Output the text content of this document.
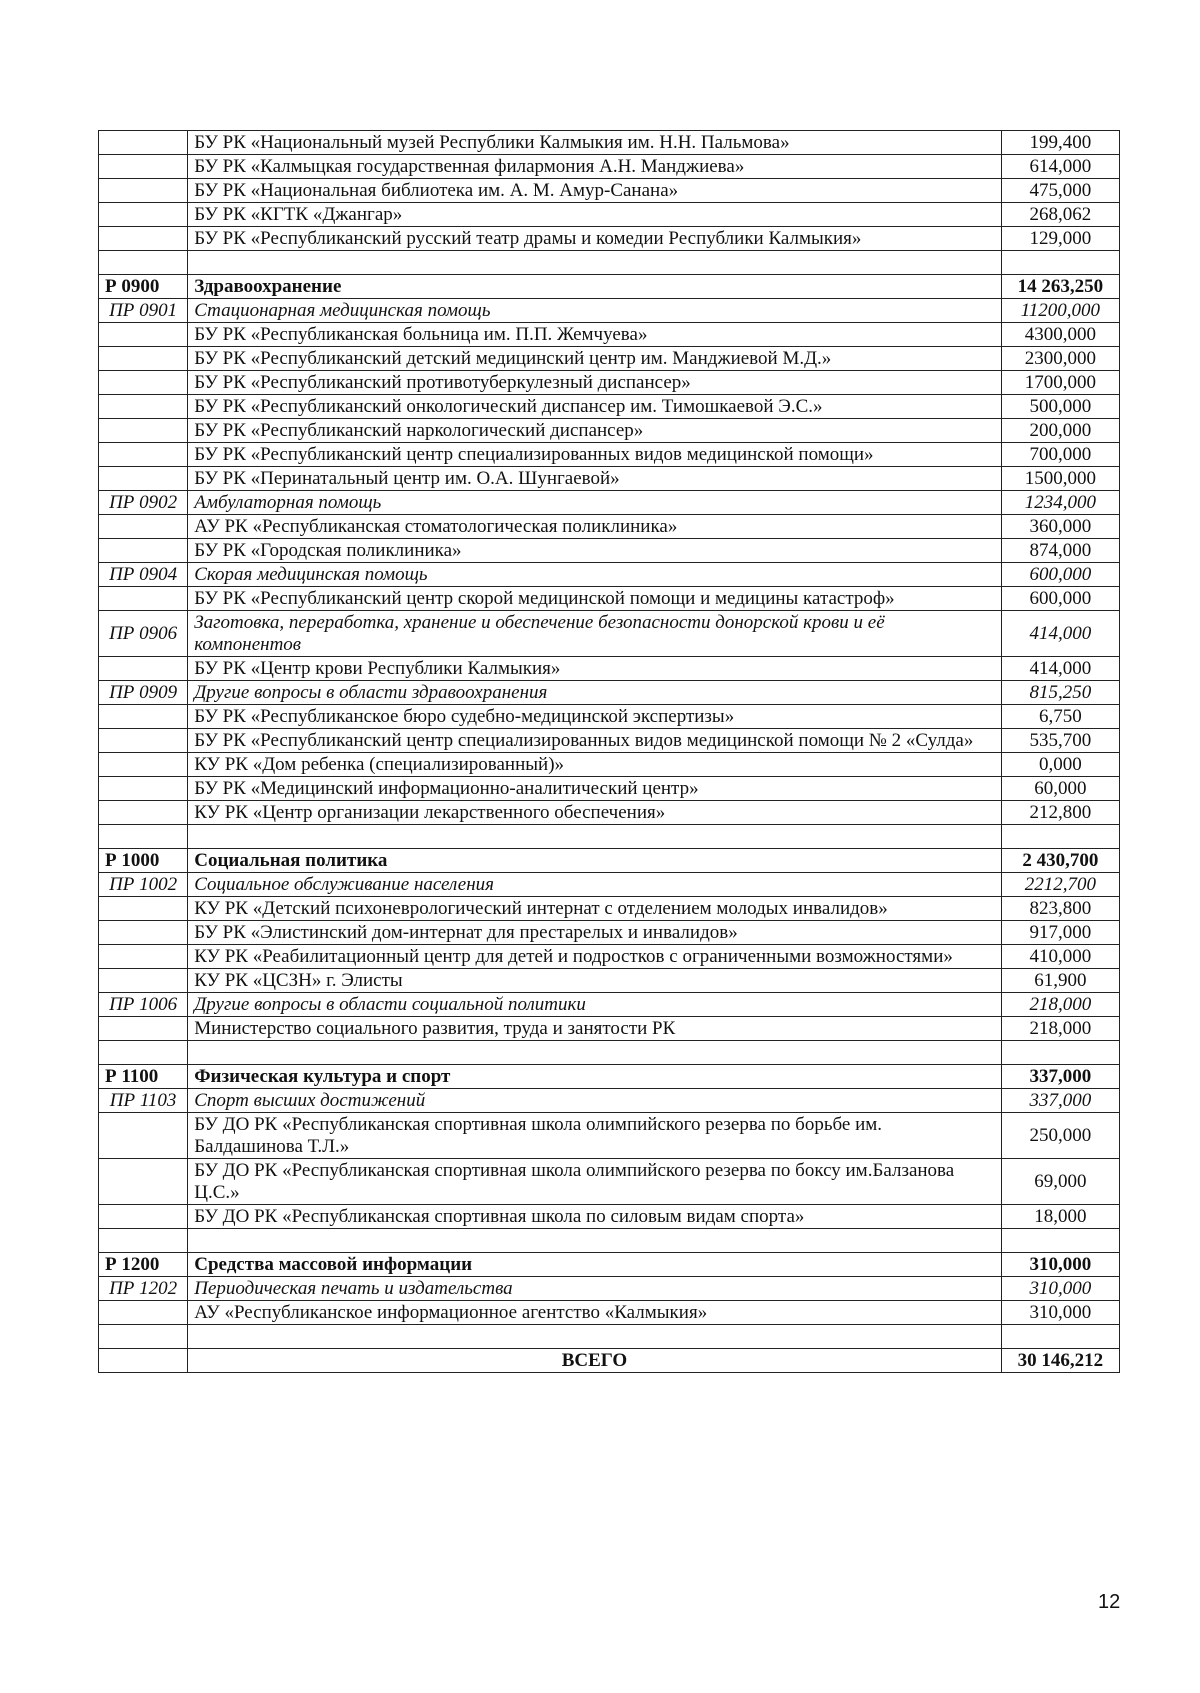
	БУ РК «Национальный музей Республики Калмыкия им. Н.Н. Пальмова»	199,400
	БУ РК «Калмыцкая государственная филармония А.Н. Манджиева»	614,000
	БУ РК «Национальная библиотека им. А. М. Амур-Санана»	475,000
	БУ РК «КГТК «Джангар»	268,062
	БУ РК «Республиканский русский театр драмы и комедии Республики Калмыкия»	129,000

Р 0900	Здравоохранение	14 263,250
ПР 0901	Стационарная медицинская помощь	11200,000
	БУ РК «Республиканская больница им. П.П. Жемчуева»	4300,000
	БУ РК «Республиканский детский медицинский центр им. Манджиевой М.Д.»	2300,000
	БУ РК «Республиканский противотуберкулезный диспансер»	1700,000
	БУ РК «Республиканский онкологический диспансер им. Тимошкаевой Э.С.»	500,000
	БУ РК «Республиканский наркологический диспансер»	200,000
	БУ РК «Республиканский центр специализированных видов медицинской помощи»	700,000
	БУ РК «Перинатальный центр им. О.А. Шунгаевой»	1500,000
ПР 0902	Амбулаторная помощь	1234,000
	АУ РК «Республиканская стоматологическая поликлиника»	360,000
	БУ РК «Городская поликлиника»	874,000
ПР 0904	Скорая медицинская помощь	600,000
	БУ РК «Республиканский центр скорой медицинской помощи и медицины катастроф»	600,000
ПР 0906	Заготовка, переработка, хранение и обеспечение безопасности донорской крови и её компонентов	414,000
	БУ РК «Центр крови Республики Калмыкия»	414,000
ПР 0909	Другие вопросы в области здравоохранения	815,250
	БУ РК «Республиканское бюро судебно-медицинской экспертизы»	6,750
	БУ РК «Республиканский центр специализированных видов медицинской помощи № 2 «Сулда»	535,700
	КУ РК «Дом ребенка (специализированный)»	0,000
	БУ РК «Медицинский информационно-аналитический центр»	60,000
	КУ РК «Центр организации лекарственного обеспечения»	212,800

Р 1000	Социальная политика	2 430,700
ПР 1002	Социальное обслуживание населения	2212,700
	КУ РК «Детский психоневрологический интернат с отделением молодых инвалидов»	823,800
	БУ РК «Элистинский дом-интернат для престарелых и инвалидов»	917,000
	КУ РК «Реабилитационный центр для детей и подростков с ограниченными возможностями»	410,000
	КУ РК «ЦСЗН» г. Элисты	61,900
ПР 1006	Другие вопросы в области социальной политики	218,000
	Министерство социального развития, труда и занятости РК	218,000

Р 1100	Физическая культура и спорт	337,000
ПР 1103	Спорт высших достижений	337,000
	БУ ДО РК «Республиканская спортивная школа олимпийского резерва по борьбе им. Балдашинова Т.Л.»	250,000
	БУ ДО РК «Республиканская спортивная школа олимпийского резерва по боксу им.Балзанова Ц.С.»	69,000
	БУ ДО РК «Республиканская спортивная школа по силовым видам спорта»	18,000

Р 1200	Средства массовой информации	310,000
ПР 1202	Периодическая печать и издательства	310,000
	АУ «Республиканское информационное агентство «Калмыкия»	310,000

	ВСЕГО	30 146,212
12
